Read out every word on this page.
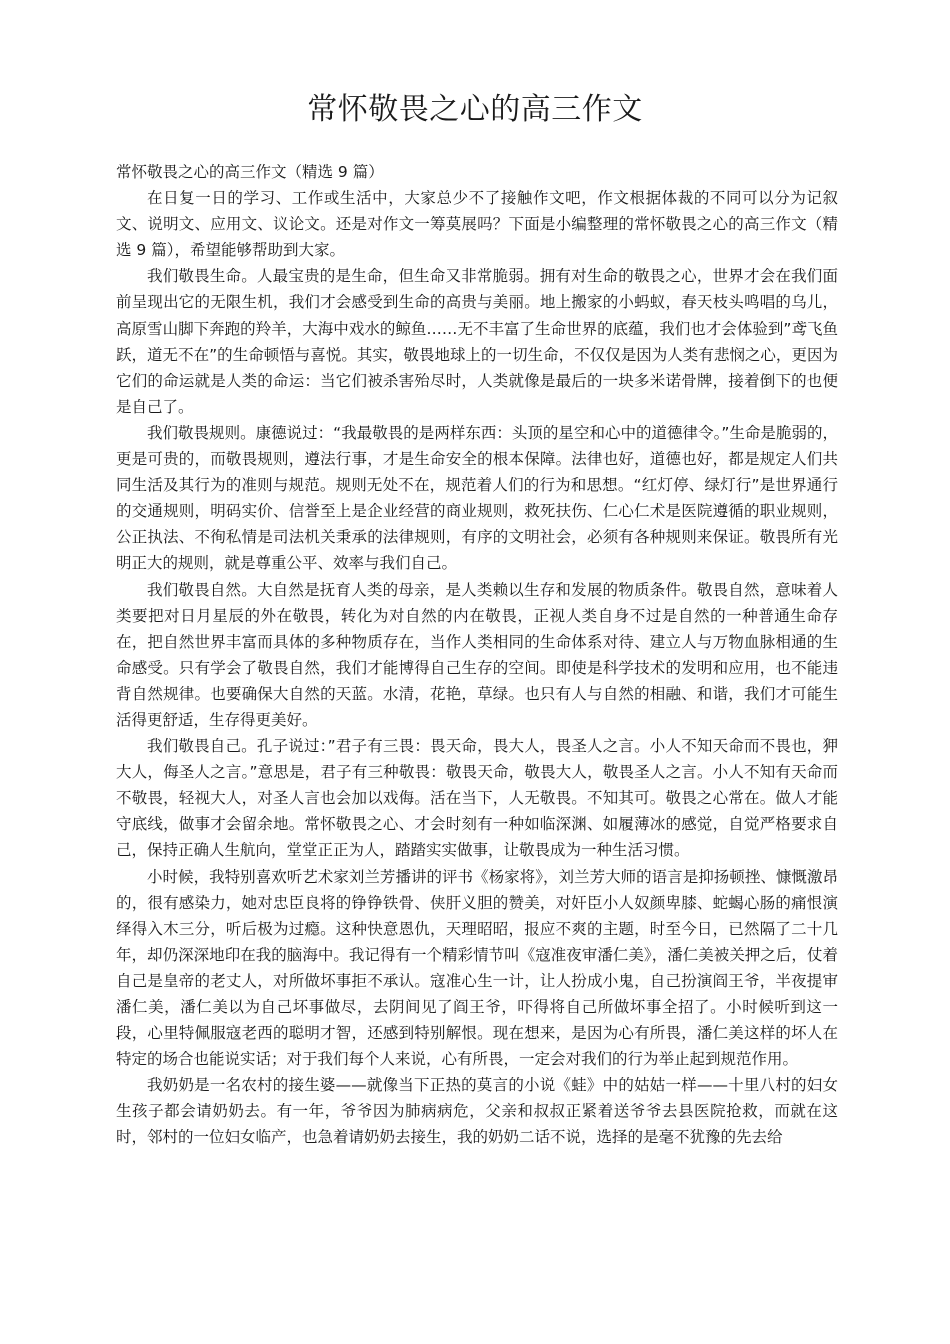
常怀敬畏之心的高三作文

常怀敬畏之心的高三作文（精选 9 篇）

在日复一日的学习、工作或生活中，大家总少不了接触作文吧，作文根据体裁的不同可以分为记叙文、说明文、应用文、议论文。还是对作文一筹莫展吗？下面是小编整理的常怀敬畏之心的高三作文（精选 9 篇），希望能够帮助到大家。

我们敬畏生命。人最宝贵的是生命，但生命又非常脆弱。拥有对生命的敬畏之心，世界才会在我们面前呈现出它的无限生机，我们才会感受到生命的高贵与美丽。地上搬家的小蚂蚁，春天枝头鸣唱的乌儿，高原雪山脚下奔跑的羚羊，大海中戏水的鲸鱼……无不丰富了生命世界的底蕴，我们也才会体验到”鸢飞鱼跃，道无不在”的生命顿悟与喜悦。其实，敬畏地球上的一切生命，不仅仅是因为人类有悲悯之心，更因为它们的命运就是人类的命运：当它们被杀害殆尽时，人类就像是最后的一块多米诺骨牌，接着倒下的也便是自己了。

我们敬畏规则。康德说过：“我最敬畏的是两样东西：头顶的星空和心中的道德律令。”生命是脆弱的，更是可贵的，而敬畏规则，遵法行事，才是生命安全的根本保障。法律也好，道德也好，都是规定人们共同生活及其行为的准则与规范。规则无处不在，规范着人们的行为和思想。“红灯停、绿灯行”是世界通行的交通规则，明码实价、信誉至上是企业经营的商业规则，救死扶伤、仁心仁术是医院遵循的职业规则，公正执法、不徇私情是司法机关秉承的法律规则，有序的文明社会，必须有各种规则来保证。敬畏所有光明正大的规则，就是尊重公平、效率与我们自己。

我们敬畏自然。大自然是抚育人类的母亲，是人类赖以生存和发展的物质条件。敬畏自然，意味着人类要把对日月星辰的外在敬畏，转化为对自然的内在敬畏，正视人类自身不过是自然的一种普通生命存在，把自然世界丰富而具体的多种物质存在，当作人类相同的生命体系对待、建立人与万物血脉相通的生命感受。只有学会了敬畏自然，我们才能博得自己生存的空间。即使是科学技术的发明和应用，也不能违背自然规律。也要确保大自然的天蓝。水清，花艳，草绿。也只有人与自然的相融、和谐，我们才可能生活得更舒适，生存得更美好。

我们敬畏自己。孔子说过：”君子有三畏：畏天命，畏大人，畏圣人之言。小人不知天命而不畏也，狎大人，侮圣人之言。”意思是，君子有三种敬畏：敬畏天命，敬畏大人，敬畏圣人之言。小人不知有天命而不敬畏，轻视大人，对圣人言也会加以戏侮。活在当下，人无敬畏。不知其可。敬畏之心常在。做人才能守底线，做事才会留余地。常怀敬畏之心、才会时刻有一种如临深渊、如履薄冰的感觉，自觉严格要求自己，保持正确人生航向，堂堂正正为人，踏踏实实做事，让敬畏成为一种生活习惯。

小时候，我特别喜欢听艺术家刘兰芳播讲的评书《杨家将》，刘兰芳大师的语言是抑扬顿挫、慷慨激昂的，很有感染力，她对忠臣良将的铮铮铁骨、侠肝义胆的赞美，对奸臣小人奴颜卑膝、蛇蝎心肠的痛恨演绎得入木三分，听后极为过瘾。这种快意恩仇，天理昭昭，报应不爽的主题，时至今日，已然隔了二十几年，却仍深深地印在我的脑海中。我记得有一个精彩情节叫《寇准夜审潘仁美》，潘仁美被关押之后，仗着自己是皇帝的老丈人，对所做坏事拒不承认。寇准心生一计，让人扮成小鬼，自己扮演阎王爷，半夜提审潘仁美，潘仁美以为自己坏事做尽，去阴间见了阎王爷，吓得将自己所做坏事全招了。小时候听到这一段，心里特佩服寇老西的聪明才智，还感到特别解恨。现在想来，是因为心有所畏，潘仁美这样的坏人在特定的场合也能说实话；对于我们每个人来说，心有所畏，一定会对我们的行为举止起到规范作用。

我奶奶是一名农村的接生婆——就像当下正热的莫言的小说《蛙》中的姑姑一样——十里八村的妇女生孩子都会请奶奶去。有一年，爷爷因为肺病病危，父亲和叔叔正紧着送爷爷去县医院抢救，而就在这时，邻村的一位妇女临产，也急着请奶奶去接生，我的奶奶二话不说，选择的是毫不犹豫的先去给
